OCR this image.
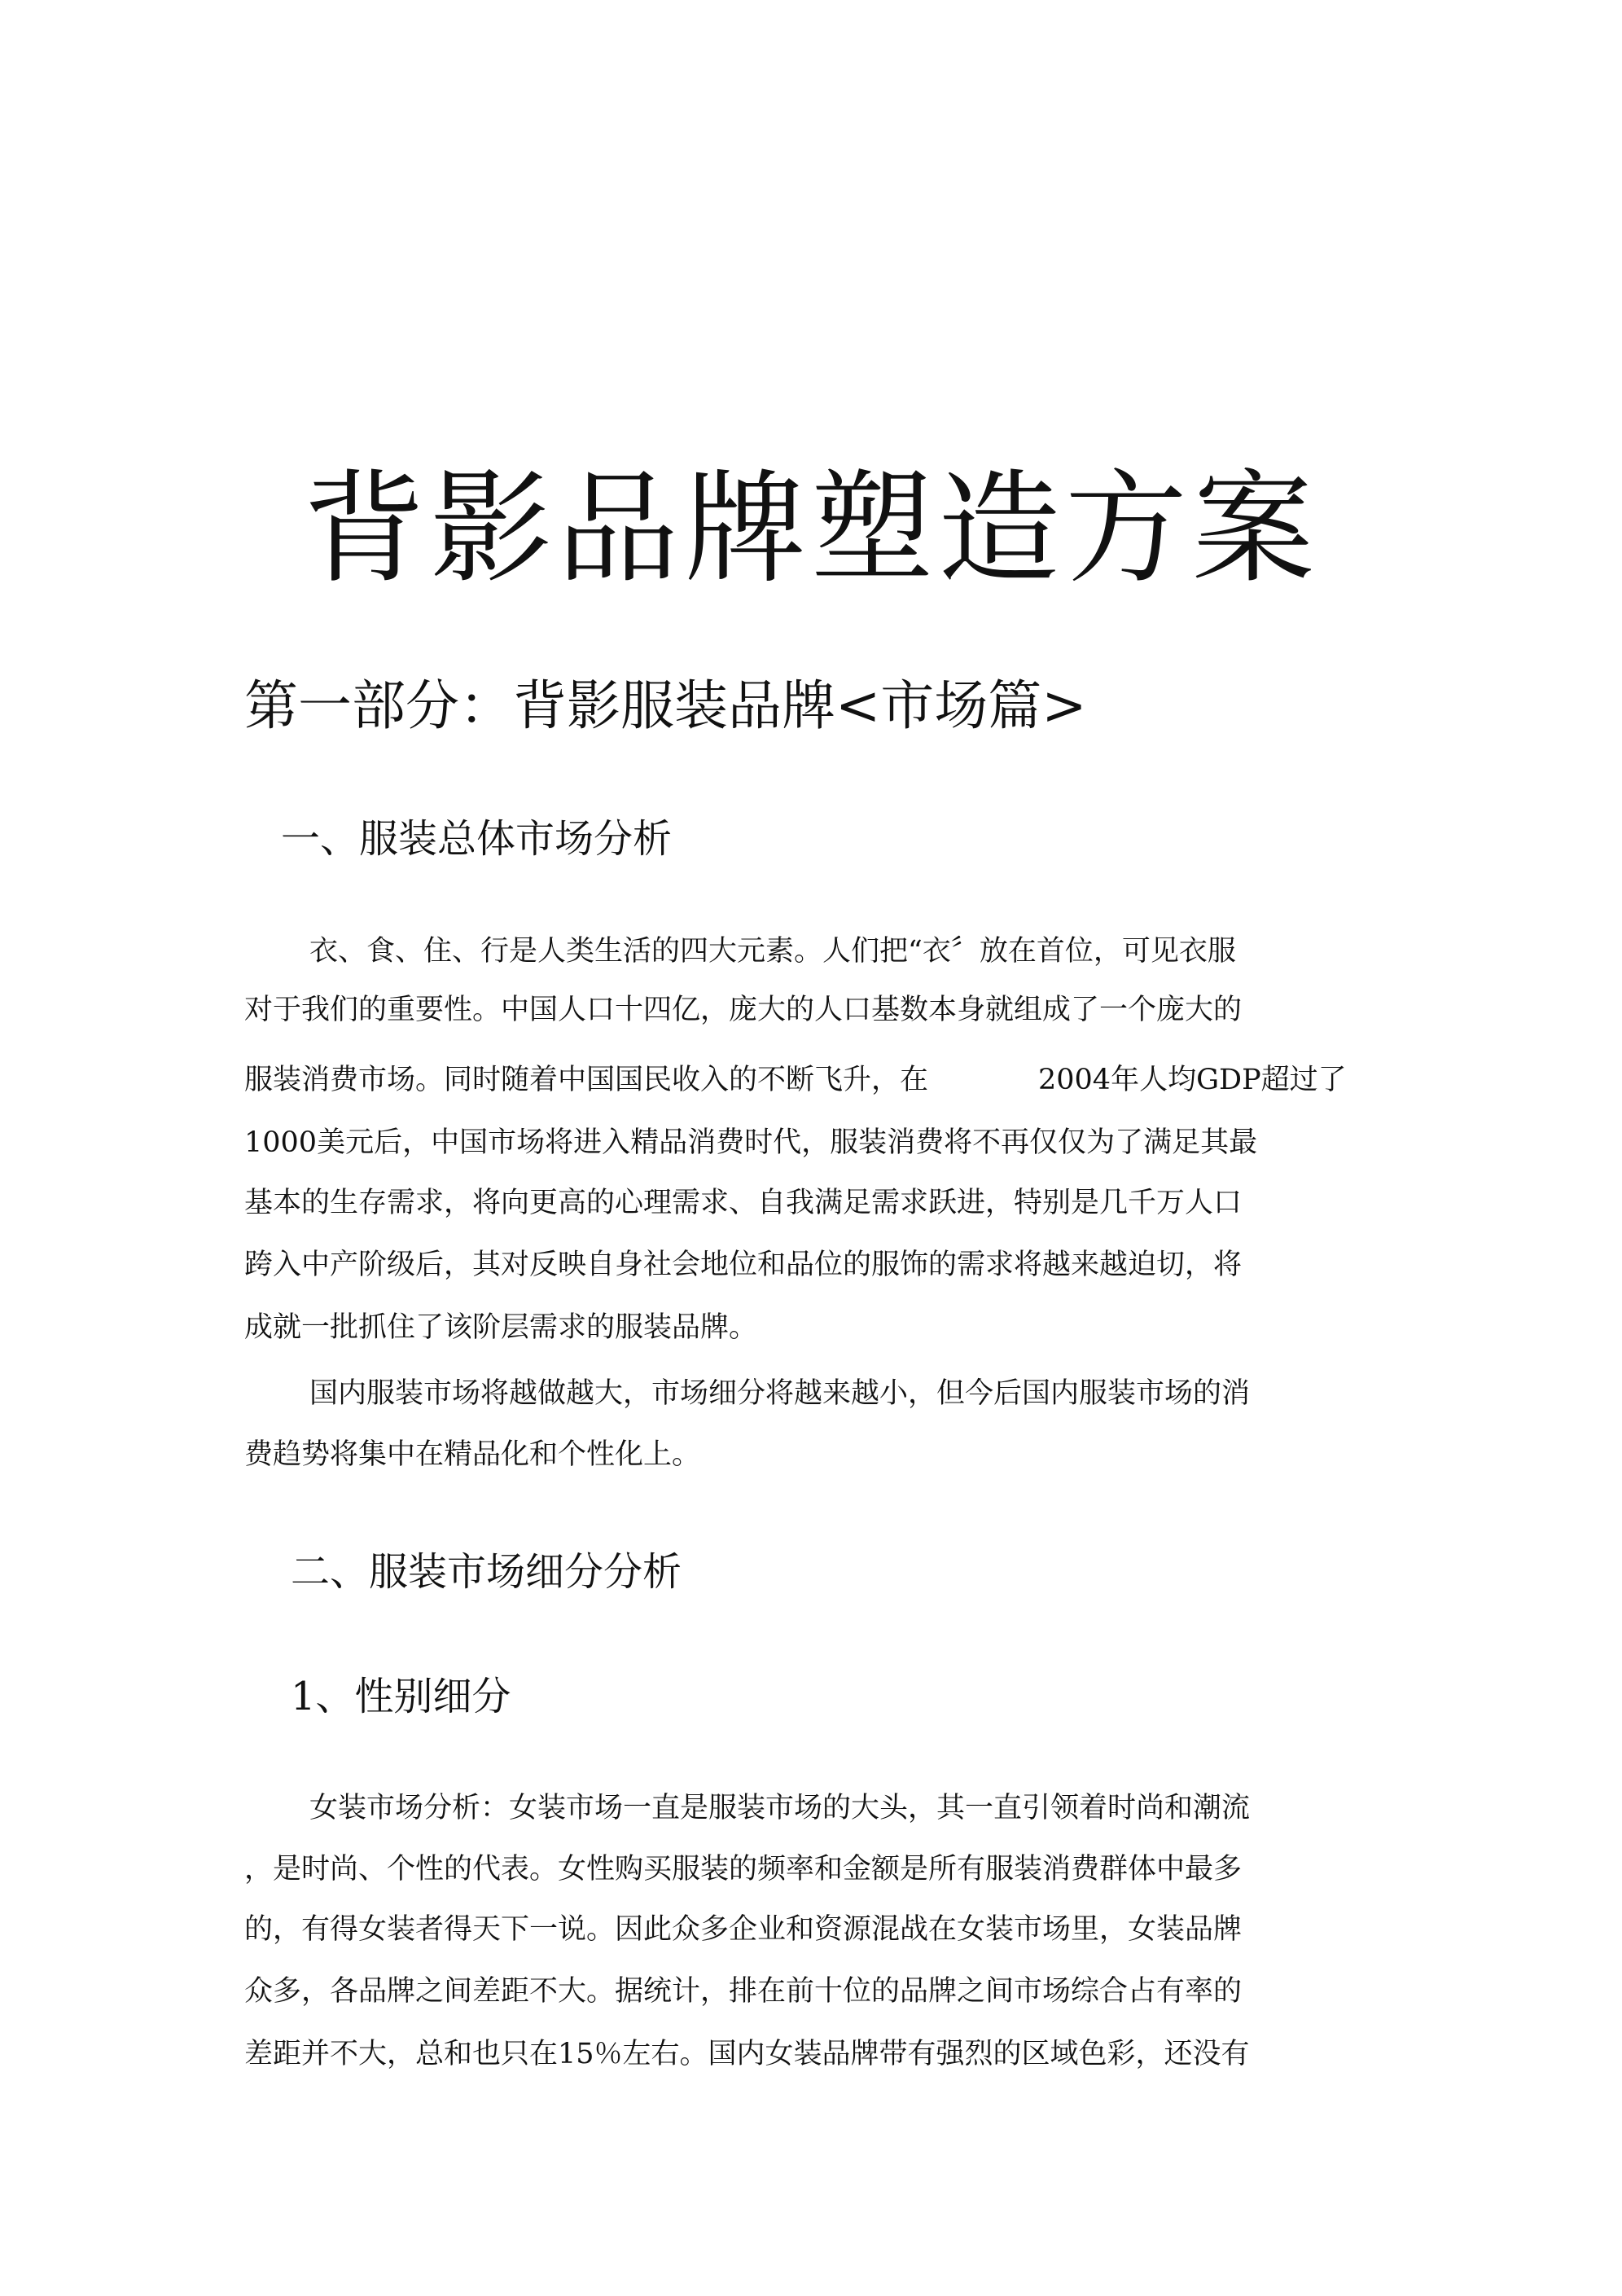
背影品牌塑造方案
第一部分：背影服装品牌<市场篇>
一、服装总体市场分析
衣、食、住、行是人类生活的四大元素。人们把“衣〞放在首位，可见衣服
对于我们的重要性。中国人口十四亿，庞大的人口基数本身就组成了一个庞大的
服装消费市场。同时随着中国国民收入的不断飞升，在	2004年人均GDP超过了
1000美元后，中国市场将进入精品消费时代，服装消费将不再仅仅为了满足其最
基本的生存需求，将向更高的心理需求、自我满足需求跃进，特别是几千万人口
跨入中产阶级后，其对反映自身社会地位和品位的服饰的需求将越来越迫切，将
成就一批抓住了该阶层需求的服装品牌。
国内服装市场将越做越大，市场细分将越来越小，但今后国内服装市场的消
费趋势将集中在精品化和个性化上。
二、服装市场细分分析
1、性别细分
女装市场分析：女装市场一直是服装市场的大头，其一直引领着时尚和潮流
，是时尚、个性的代表。女性购买服装的频率和金额是所有服装消费群体中最多
的，有得女装者得天下一说。因此众多企业和资源混战在女装市场里，女装品牌
众多，各品牌之间差距不大。据统计，排在前十位的品牌之间市场综合占有率的
差距并不大，总和也只在15％左右。国内女装品牌带有强烈的区域色彩，还没有
